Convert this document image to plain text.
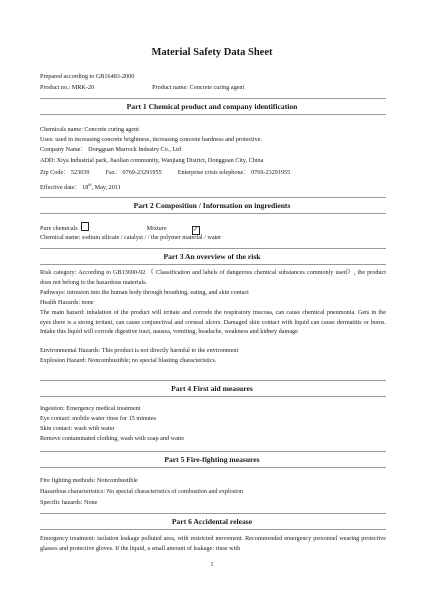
Material Safety Data Sheet
Prepared according to GB16483-2000
Product no.: MRK-20	Product name: Concrete curing agent
Part 1 Chemical product and company identification
Chemicals name: Concrete curing agent
Uses: used in increasing concrete brightness, increasing concrete hardness and protective.
Company Name： Dongguan Marrock Industry Co., Ltd
ADD: Xiya Industrial park, Jiaolian community, Wanjiang District, Dongguan City, China
Zip Code： 523039	Fax： 0769-23291955	Enterprise crisis telephone： 0769-23291955
Effective date： 18th, May, 2011
Part 2 Composition / Information on ingredients
Pure chemicals	Mixture	✓
Chemical name: sodium silicate / catalyst / / the polymer material / water
Part 3 An overview of the risk
Risk category: According to GB13690-92 《 Classification and labels of dangerous chemical substances commonly used》, the product does not belong to the hazardous materials.
Pathways: intrusion into the human body through breathing, eating, and skin contact
Health Hazards: none
The main hazard: inhalation of the product will irritate and corrode the respiratory mucosa, can cause chemical pneumonia. Gets in the eyes there is a strong irritant, can cause conjunctival and corneal ulcers. Damaged skin contact with liquid can cause dermatitis or burns. Intake this liquid will corrode digestive tract, nausea, vomiting, headache, weakness and kidney damage
Environmental Hazards: This product is not directly harmful to the environment
Explosion Hazard: Noncombustible; no special blasting characteristics.
Part 4 First aid measures
Ingestion: Emergency medical treatment
Eye contact: mobile water rinse for 15 minutes
Skin contact: wash with water
Remove contaminated clothing, wash with soap and water
Part 5 Fire-fighting measures
Fire fighting methods: Noncombustible
Hazardous characteristics: No special characteristics of combustion and explosion
Specific hazards: None
Part 6 Accidental release
Emergency treatment: isolation leakage polluted area, with restricted movement. Recommended emergency personnel wearing protective glasses and protective gloves. If the liquid, a small amount of leakage: rinse with
1
